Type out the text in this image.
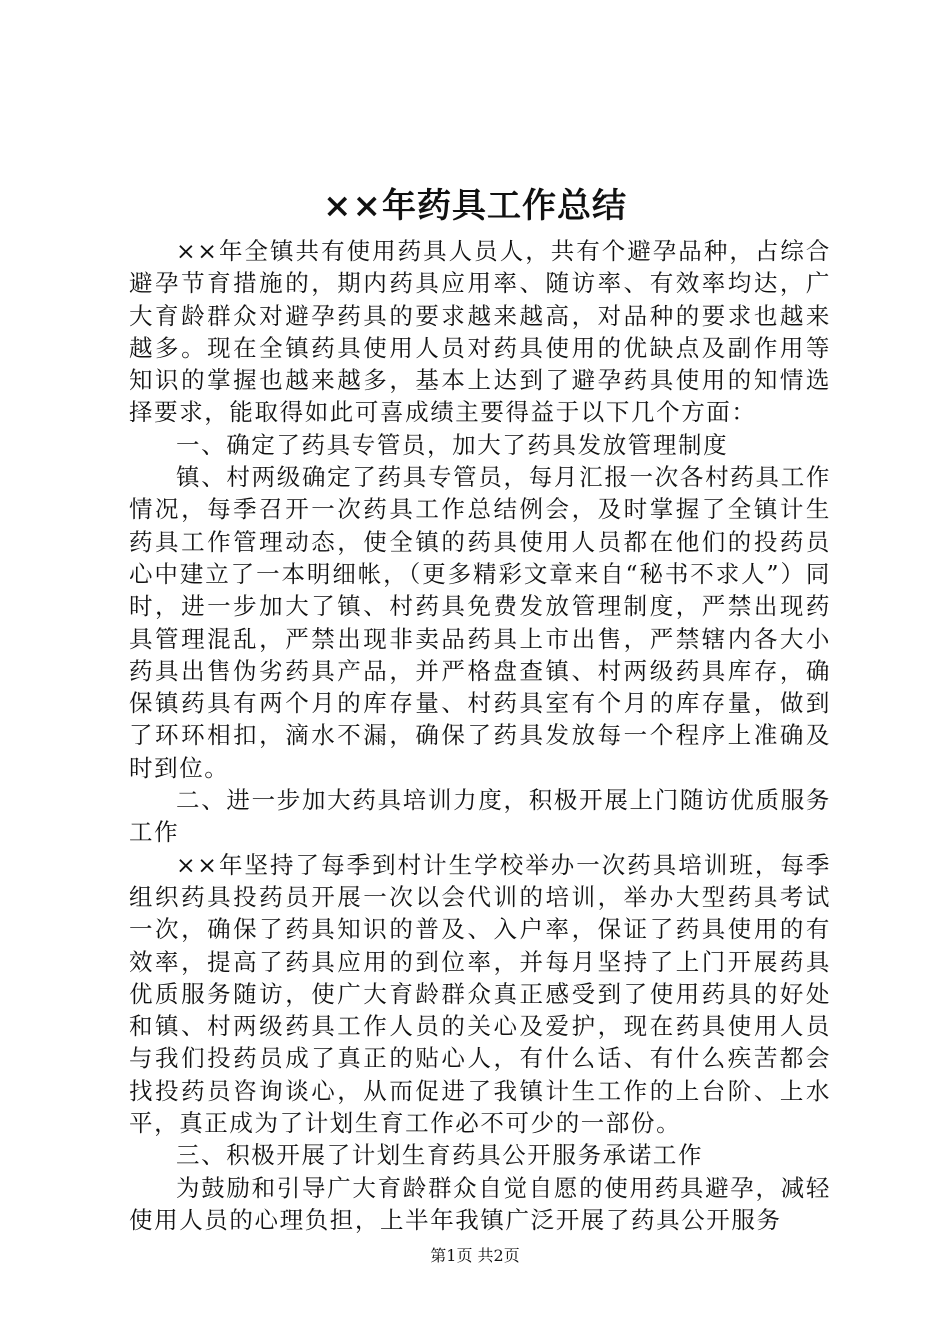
××年药具工作总结

××年全镇共有使用药具人员人，共有个避孕品种，占综合避孕节育措施的，期内药具应用率、随访率、有效率均达，广大育龄群众对避孕药具的要求越来越高，对品种的要求也越来越多。现在全镇药具使用人员对药具使用的优缺点及副作用等知识的掌握也越来越多，基本上达到了避孕药具使用的知情选择要求，能取得如此可喜成绩主要得益于以下几个方面：

一、确定了药具专管员，加大了药具发放管理制度

镇、村两级确定了药具专管员，每月汇报一次各村药具工作情况，每季召开一次药具工作总结例会，及时掌握了全镇计生药具工作管理动态，使全镇的药具使用人员都在他们的投药员心中建立了一本明细帐，（更多精彩文章来自“秘书不求人”）同时，进一步加大了镇、村药具免费发放管理制度，严禁出现药具管理混乱，严禁出现非卖品药具上市出售，严禁辖内各大小药具出售伪劣药具产品，并严格盘查镇、村两级药具库存，确保镇药具有两个月的库存量、村药具室有个月的库存量，做到了环环相扣，滴水不漏，确保了药具发放每一个程序上准确及时到位。

二、进一步加大药具培训力度，积极开展上门随访优质服务工作

××年坚持了每季到村计生学校举办一次药具培训班，每季组织药具投药员开展一次以会代训的培训，举办大型药具考试一次，确保了药具知识的普及、入户率，保证了药具使用的有效率，提高了药具应用的到位率，并每月坚持了上门开展药具优质服务随访，使广大育龄群众真正感受到了使用药具的好处和镇、村两级药具工作人员的关心及爱护，现在药具使用人员与我们投药员成了真正的贴心人，有什么话、有什么疾苦都会找投药员咨询谈心，从而促进了我镇计生工作的上台阶、上水平，真正成为了计划生育工作必不可少的一部份。

三、积极开展了计划生育药具公开服务承诺工作

为鼓励和引导广大育龄群众自觉自愿的使用药具避孕，减轻使用人员的心理负担，上半年我镇广泛开展了药具公开服务

第1页 共2页
